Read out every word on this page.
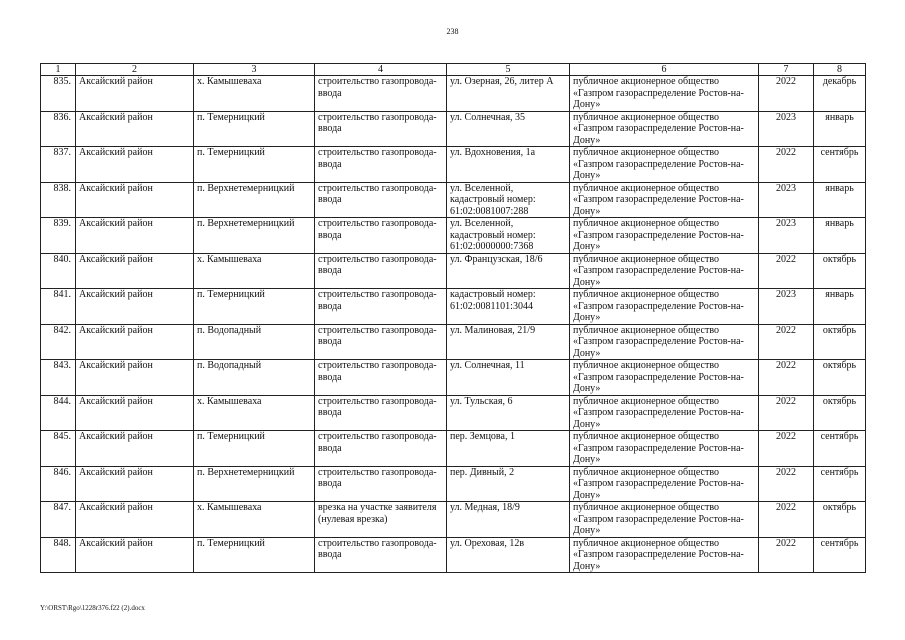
238
1	2	3	4	5	6	7	8
835.	Аксайский район	х. Камышеваха	строительство газопровода-ввода	ул. Озерная, 26, литер А	публичное акционерное общество «Газпром газораспределение Ростов-на-Дону»	2022	декабрь
836.	Аксайский район	п. Темерницкий	строительство газопровода-ввода	ул. Солнечная, 35	публичное акционерное общество «Газпром газораспределение Ростов-на-Дону»	2023	январь
837.	Аксайский район	п. Темерницкий	строительство газопровода-ввода	ул. Вдохновения, 1а	публичное акционерное общество «Газпром газораспределение Ростов-на-Дону»	2022	сентябрь
838.	Аксайский район	п. Верхнетемерницкий	строительство газопровода-ввода	ул. Вселенной, кадастровый номер: 61:02:0081007:288	публичное акционерное общество «Газпром газораспределение Ростов-на-Дону»	2023	январь
839.	Аксайский район	п. Верхнетемерницкий	строительство газопровода-ввода	ул. Вселенной, кадастровый номер: 61:02:0000000:7368	публичное акционерное общество «Газпром газораспределение Ростов-на-Дону»	2023	январь
840.	Аксайский район	х. Камышеваха	строительство газопровода-ввода	ул. Французская, 18/6	публичное акционерное общество «Газпром газораспределение Ростов-на-Дону»	2022	октябрь
841.	Аксайский район	п. Темерницкий	строительство газопровода-ввода	кадастровый номер: 61:02:0081101:3044	публичное акционерное общество «Газпром газораспределение Ростов-на-Дону»	2023	январь
842.	Аксайский район	п. Водопадный	строительство газопровода-ввода	ул. Малиновая, 21/9	публичное акционерное общество «Газпром газораспределение Ростов-на-Дону»	2022	октябрь
843.	Аксайский район	п. Водопадный	строительство газопровода-ввода	ул. Солнечная, 11	публичное акционерное общество «Газпром газораспределение Ростов-на-Дону»	2022	октябрь
844.	Аксайский район	х. Камышеваха	строительство газопровода-ввода	ул. Тульская, 6	публичное акционерное общество «Газпром газораспределение Ростов-на-Дону»	2022	октябрь
845.	Аксайский район	п. Темерницкий	строительство газопровода-ввода	пер. Земцова, 1	публичное акционерное общество «Газпром газораспределение Ростов-на-Дону»	2022	сентябрь
846.	Аксайский район	п. Верхнетемерницкий	строительство газопровода-ввода	пер. Дивный, 2	публичное акционерное общество «Газпром газораспределение Ростов-на-Дону»	2022	сентябрь
847.	Аксайский район	х. Камышеваха	врезка на участке заявителя (нулевая врезка)	ул. Медная, 18/9	публичное акционерное общество «Газпром газораспределение Ростов-на-Дону»	2022	октябрь
848.	Аксайский район	п. Темерницкий	строительство газопровода-ввода	ул. Ореховая, 12в	публичное акционерное общество «Газпром газораспределение Ростов-на-Дону»	2022	сентябрь
Y:\ORST\Rgo\1228r376.f22 (2).docx
